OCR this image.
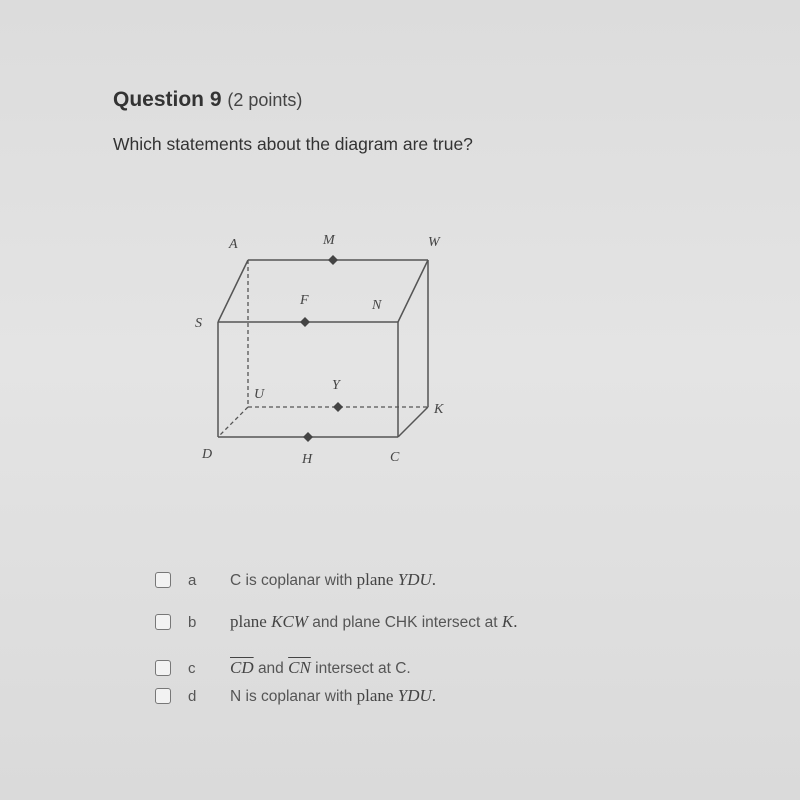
Question 9 (2 points)
Which statements about the diagram are true?
A	M	W
S
F	N
U
Y
K
D	H	C
a C is coplanar with plane YDU.
b plane KCW and plane CHK intersect at K.
c $\overline{CD}$ and $\overline{CN}$ intersect at C.
d N is coplanar with plane YDU.
